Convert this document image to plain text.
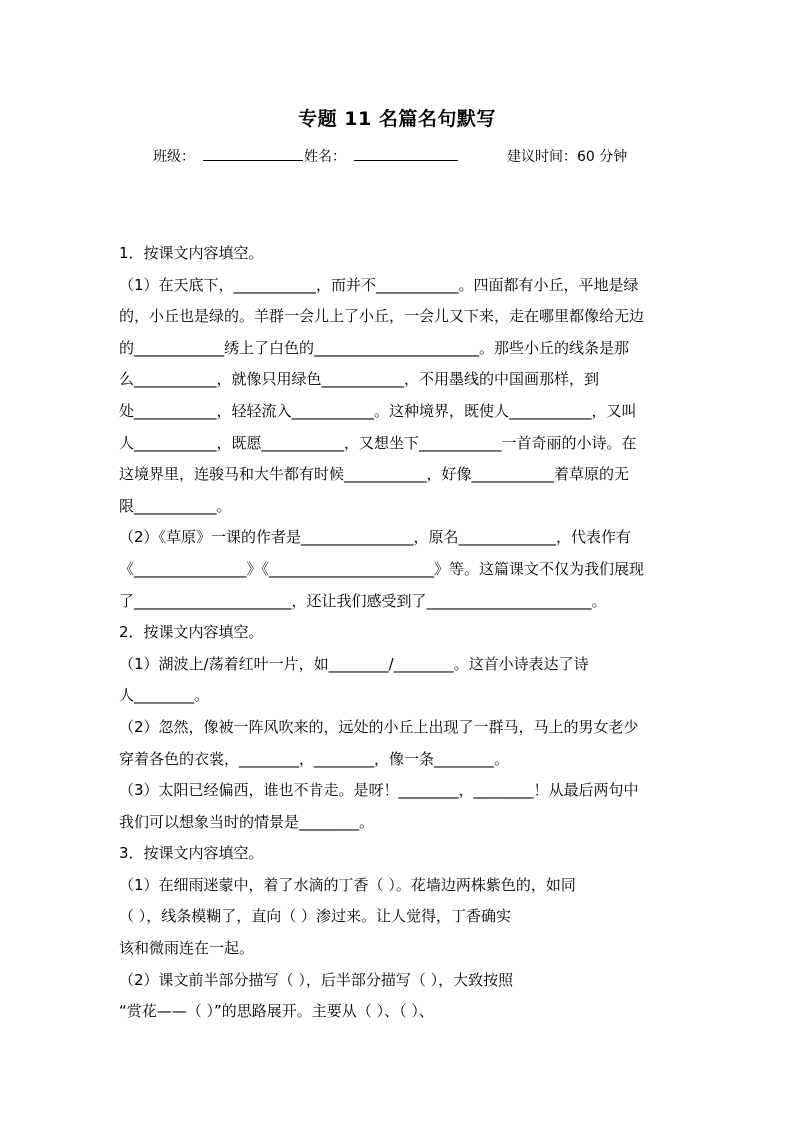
专题 11 名篇名句默写
班级：	姓名：	建议时间：60 分钟
1．按课文内容填空。
（1）在天底下，___________，而并不___________。四面都有小丘，平地是绿
的，小丘也是绿的。羊群一会儿上了小丘，一会儿又下来，走在哪里都像给无边
的____________绣上了白色的______________________。那些小丘的线条是那
么___________，就像只用绿色___________，不用墨线的中国画那样，到
处___________，轻轻流入___________。这种境界，既使人___________，又叫
人___________，既愿___________，又想坐下___________一首奇丽的小诗。在
这境界里，连骏马和大牛都有时候___________，好像___________着草原的无
限___________。
（2）《草原》一课的作者是_______________，原名_____________，代表作有
《_______________》《______________________》等。这篇课文不仅为我们展现
了_____________________，还让我们感受到了______________________。
2．按课文内容填空。
（1）湖波上/荡着红叶一片，如________/________。这首小诗表达了诗
人________。
（2）忽然，像被一阵风吹来的，远处的小丘上出现了一群马，马上的男女老少
穿着各色的衣裳，________，________，像一条________。
（3）太阳已经偏西，谁也不肯走。是呀！________，________！从最后两句中
我们可以想象当时的情景是________。
3．按课文内容填空。
（1）在细雨迷蒙中，着了水滴的丁香（ ）。花墙边两株紫色的，如同
（ ），线条模糊了，直向（ ）渗过来。让人觉得，丁香确实
该和微雨连在一起。
（2）课文前半部分描写（ ），后半部分描写（ ），大致按照
“赏花——（ ）”的思路展开。主要从（ ）、（ ）、
